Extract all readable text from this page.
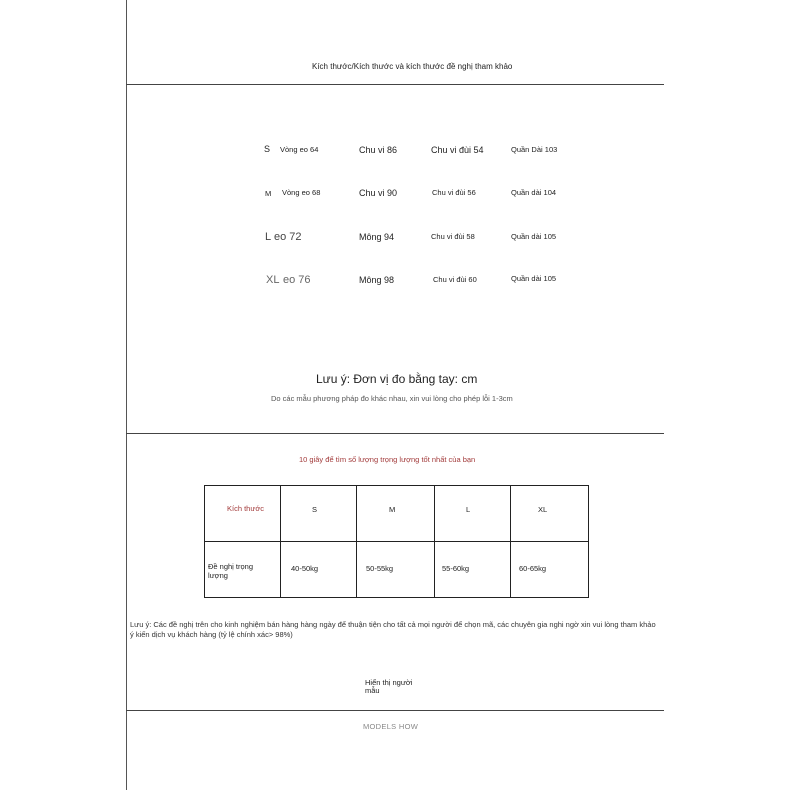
Kích thước/Kích thước và kích thước đề nghị tham khảo
S Vòng eo 64	Chu vi 86	Chu vi đùi 54	Quần Dài 103
M Vòng eo 68	Chu vi 90	Chu vi đùi 56	Quần dài 104
L eo 72	Mông 94	Chu vi đùi 58	Quần dài 105
XL eo 76	Mông 98	Chu vi đùi 60	Quần dài 105
Lưu ý: Đơn vị đo bằng tay: cm
Do các mẫu phương pháp đo khác nhau, xin vui lòng cho phép lỗi 1-3cm
10 giây để tìm số lượng trọng lượng tốt nhất của bạn
Kích thước	S	M	L	XL

Đề nghị trọng lượng	40-50kg	50-55kg	55-60kg	60-65kg
Lưu ý: Các đề nghị trên cho kinh nghiệm bán hàng hàng ngày để thuận tiện cho tất cả mọi người để chọn mã, các chuyên gia nghi ngờ xin vui lòng tham khảo ý kiến dịch vụ khách hàng (tỷ lệ chính xác> 98%)
Hiển thị người mẫu
MODELS HOW
